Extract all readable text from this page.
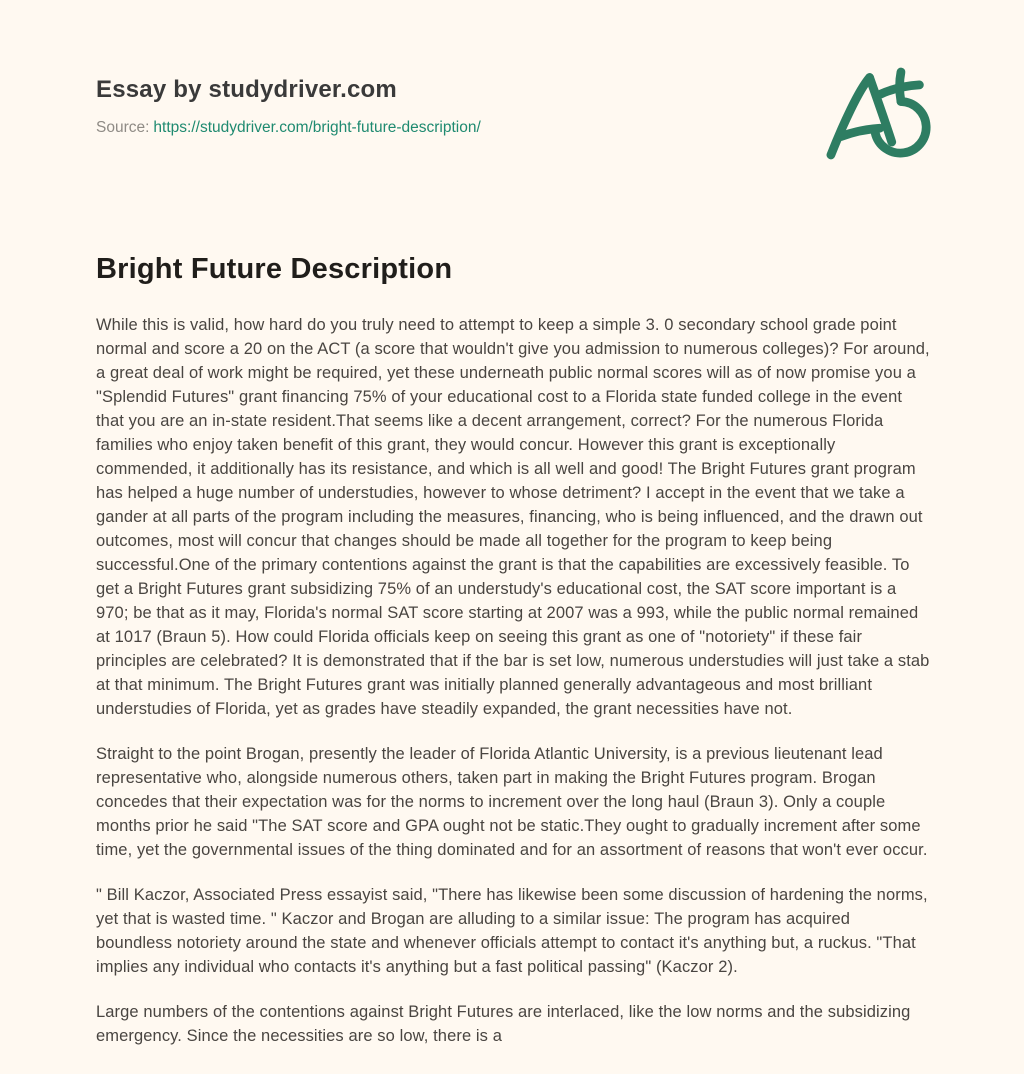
Essay by studydriver.com
Source: https://studydriver.com/bright-future-description/
Bright Future Description

While this is valid, how hard do you truly need to attempt to keep a simple 3. 0 secondary school grade point normal and score a 20 on the ACT (a score that wouldn't give you admission to numerous colleges)? For around, a great deal of work might be required, yet these underneath public normal scores will as of now promise you a "Splendid Futures" grant financing 75% of your educational cost to a Florida state funded college in the event that you are an in-state resident.That seems like a decent arrangement, correct? For the numerous Florida families who enjoy taken benefit of this grant, they would concur. However this grant is exceptionally commended, it additionally has its resistance, and which is all well and good! The Bright Futures grant program has helped a huge number of understudies, however to whose detriment? I accept in the event that we take a gander at all parts of the program including the measures, financing, who is being influenced, and the drawn out outcomes, most will concur that changes should be made all together for the program to keep being successful.One of the primary contentions against the grant is that the capabilities are excessively feasible. To get a Bright Futures grant subsidizing 75% of an understudy's educational cost, the SAT score important is a 970; be that as it may, Florida's normal SAT score starting at 2007 was a 993, while the public normal remained at 1017 (Braun 5). How could Florida officials keep on seeing this grant as one of "notoriety" if these fair principles are celebrated? It is demonstrated that if the bar is set low, numerous understudies will just take a stab at that minimum. The Bright Futures grant was initially planned generally advantageous and most brilliant understudies of Florida, yet as grades have steadily expanded, the grant necessities have not.

Straight to the point Brogan, presently the leader of Florida Atlantic University, is a previous lieutenant lead representative who, alongside numerous others, taken part in making the Bright Futures program. Brogan concedes that their expectation was for the norms to increment over the long haul (Braun 3). Only a couple months prior he said "The SAT score and GPA ought not be static.They ought to gradually increment after some time, yet the governmental issues of the thing dominated and for an assortment of reasons that won't ever occur.

" Bill Kaczor, Associated Press essayist said, "There has likewise been some discussion of hardening the norms, yet that is wasted time. " Kaczor and Brogan are alluding to a similar issue: The program has acquired boundless notoriety around the state and whenever officials attempt to contact it's anything but, a ruckus. "That implies any individual who contacts it's anything but a fast political passing" (Kaczor 2).

Large numbers of the contentions against Bright Futures are interlaced, like the low norms and the subsidizing emergency. Since the necessities are so low, there is a
